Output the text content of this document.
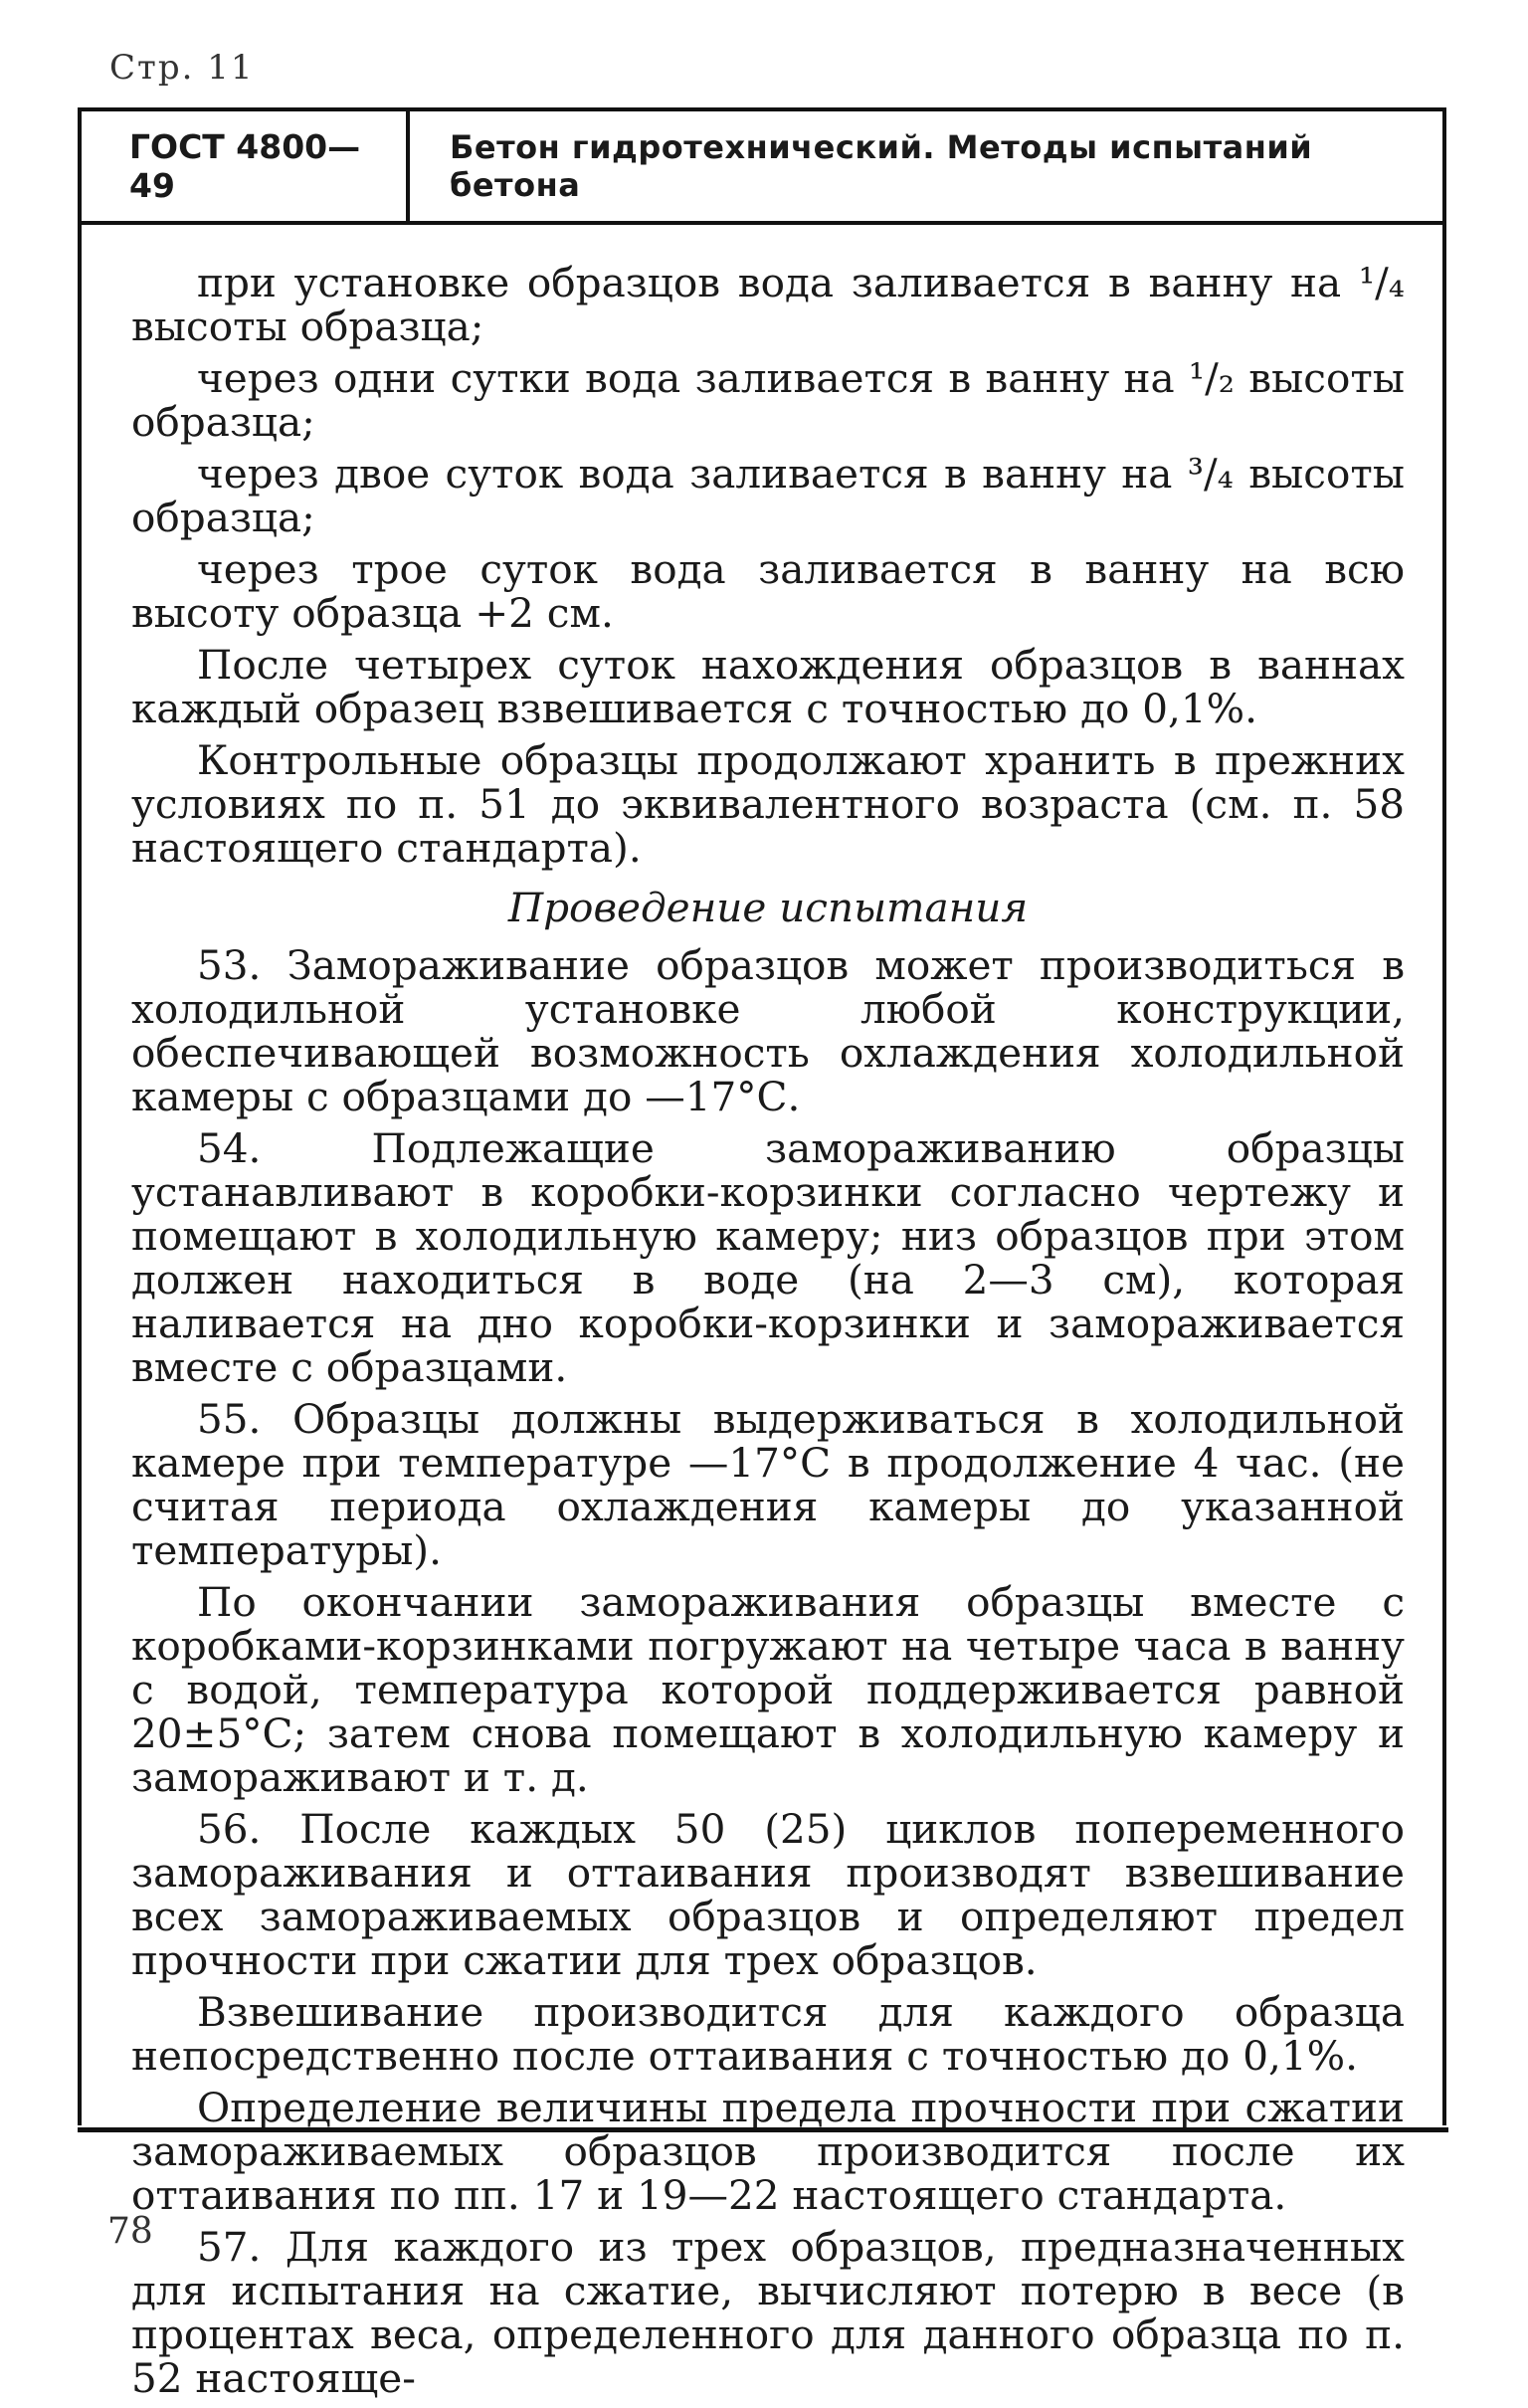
Стр. 11
ГОСТ 4800—49
Бетон гидротехнический. Методы испытаний бетона

при установке образцов вода заливается в ванну на ¹/₄ высоты образца;

через одни сутки вода заливается в ванну на ¹/₂ высоты образца;

через двое суток вода заливается в ванну на ³/₄ высоты образца;

через трое суток вода заливается в ванну на всю высоту образца +2 см.

После четырех суток нахождения образцов в ваннах каждый образец взвешивается с точностью до 0,1%.

Контрольные образцы продолжают хранить в прежних условиях по п. 51 до эквивалентного возраста (см. п. 58 настоящего стандарта).

Проведение испытания

53. Замораживание образцов может производиться в холодильной установке любой конструкции, обеспечивающей возможность охлаждения холодильной камеры с образцами до —17°С.

54. Подлежащие замораживанию образцы устанавливают в коробки-корзинки согласно чертежу и помещают в холодильную камеру; низ образцов при этом должен находиться в воде (на 2—3 см), которая наливается на дно коробки-корзинки и замораживается вместе с образцами.

55. Образцы должны выдерживаться в холодильной камере при температуре —17°С в продолжение 4 час. (не считая периода охлаждения камеры до указанной температуры).

По окончании замораживания образцы вместе с коробками-корзинками погружают на четыре часа в ванну с водой, температура которой поддерживается равной 20±5°С; затем снова помещают в холодильную камеру и замораживают и т. д.

56. После каждых 50 (25) циклов попеременного замораживания и оттаивания производят взвешивание всех замораживаемых образцов и определяют предел прочности при сжатии для трех образцов.

Взвешивание производится для каждого образца непосредственно после оттаивания с точностью до 0,1%.

Определение величины предела прочности при сжатии замораживаемых образцов производится после их оттаивания по пп. 17 и 19—22 настоящего стандарта.

57. Для каждого из трех образцов, предназначенных для испытания на сжатие, вычисляют потерю в весе (в процентах веса, определенного для данного образца по п. 52 настояще-

78
